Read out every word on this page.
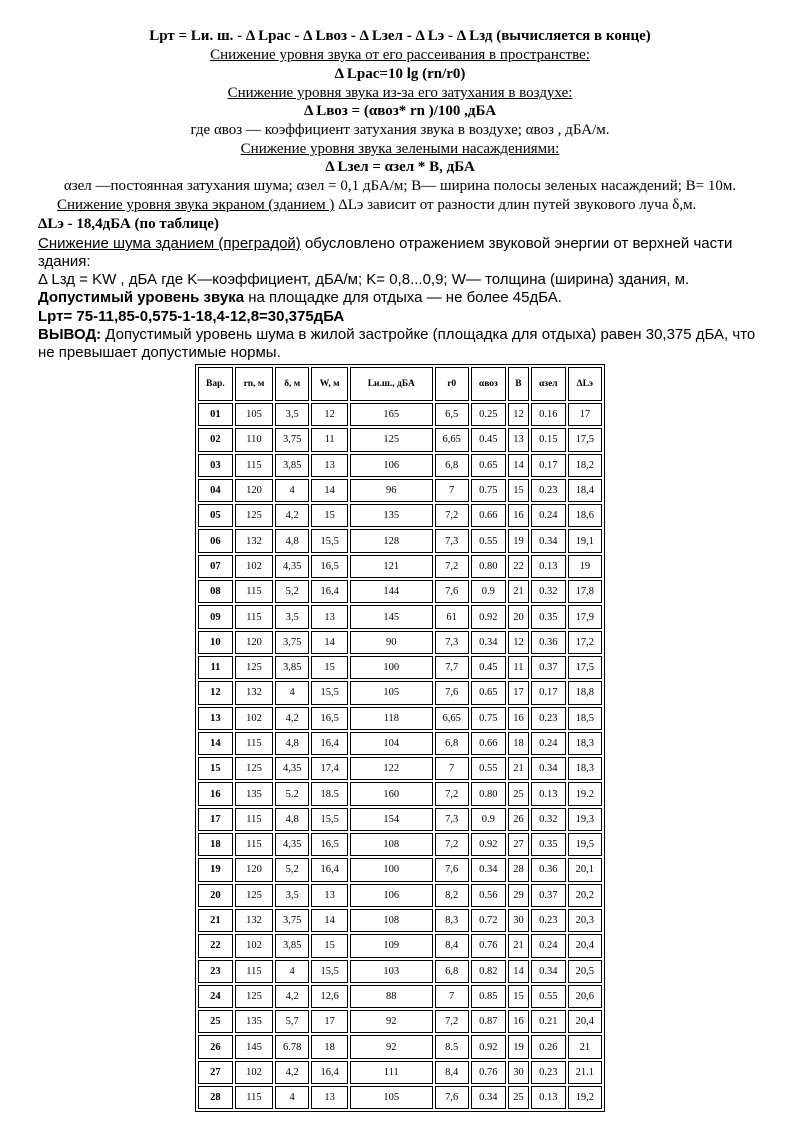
Lрт = Lи. ш. - Δ Lрас - Δ Lвоз - Δ Lзел - Δ Lэ - Δ Lзд (вычисляется в конце)
Снижение уровня звука от его рассеивания в пространстве:
Δ Lрас=10 lg (rn/r0)
Снижение уровня звука из-за его затухания в воздухе:
Δ Lвоз = (αвоз* rn )/100 ,дБА
где αвоз — коэффициент затухания звука в воздухе; αвоз , дБА/м.
Снижение уровня звука зелеными насаждениями:
Δ Lзел = αзел * B, дБА
αзел —постоянная затухания шума; αзел = 0,1 дБА/м; B— ширина полосы зеленых насаждений; B= 10м.
Снижение уровня звука экраном (зданием ) ΔLэ зависит от разности длин путей звукового луча δ,м.
ΔLэ - 18,4дБА (по таблице)
Снижение шума зданием (преградой) обусловлено отражением звуковой энергии от верхней части
здания:
Δ Lзд = KW , дБА где K—коэффициент, дБА/м; K= 0,8...0,9; W— толщина (ширина) здания, м.
Допустимый уровень звука на площадке для отдыха — не более 45дБА.
Lрт= 75-11,85-0,575-1-18,4-12,8=30,375дБА
ВЫВОД: Допустимый уровень шума в жилой застройке (площадка для отдыха) равен 30,375 дБА, что
не превышает допустимые нормы.
Вар.	rn, м	δ, м	W, м	Lи.ш., дБА	r0	αвоз	B	αзел	ΔLэ
01	105	3,5	12	165	6,5	0.25	12	0.16	17
02	110	3,75	11	125	6,65	0.45	13	0.15	17,5
03	115	3,85	13	106	6,8	0.65	14	0.17	18,2
04	120	4	14	96	7	0.75	15	0.23	18,4
05	125	4,2	15	135	7,2	0.66	16	0.24	18,6
06	132	4,8	15,5	128	7,3	0.55	19	0.34	19,1
07	102	4,35	16,5	121	7,2	0.80	22	0.13	19
08	115	5,2	16,4	144	7,6	0.9	21	0.32	17,8
09	115	3,5	13	145	61	0.92	20	0.35	17,9
10	120	3,75	14	90	7,3	0.34	12	0.36	17,2
11	125	3,85	15	100	7,7	0.45	11	0.37	17,5
12	132	4	15,5	105	7,6	0.65	17	0.17	18,8
13	102	4,2	16,5	118	6,65	0.75	16	0.23	18,5
14	115	4,8	16,4	104	6,8	0.66	18	0.24	18,3
15	125	4,35	17,4	122	7	0.55	21	0.34	18,3
16	135	5.2	18.5	160	7,2	0.80	25	0.13	19.2
17	115	4,8	15,5	154	7,3	0.9	26	0.32	19,3
18	115	4,35	16,5	108	7,2	0.92	27	0.35	19,5
19	120	5,2	16,4	100	7,6	0.34	28	0.36	20,1
20	125	3,5	13	106	8,2	0.56	29	0.37	20,2
21	132	3,75	14	108	8,3	0.72	30	0.23	20,3
22	102	3,85	15	109	8,4	0.76	21	0.24	20,4
23	115	4	15,5	103	6,8	0.82	14	0.34	20,5
24	125	4,2	12,6	88	7	0.85	15	0.55	20,6
25	135	5,7	17	92	7,2	0.87	16	0.21	20,4
26	145	6.78	18	92	8.5	0.92	19	0.26	21
27	102	4,2	16,4	111	8,4	0.76	30	0.23	21.1
28	115	4	13	105	7,6	0.34	25	0.13	19,2
